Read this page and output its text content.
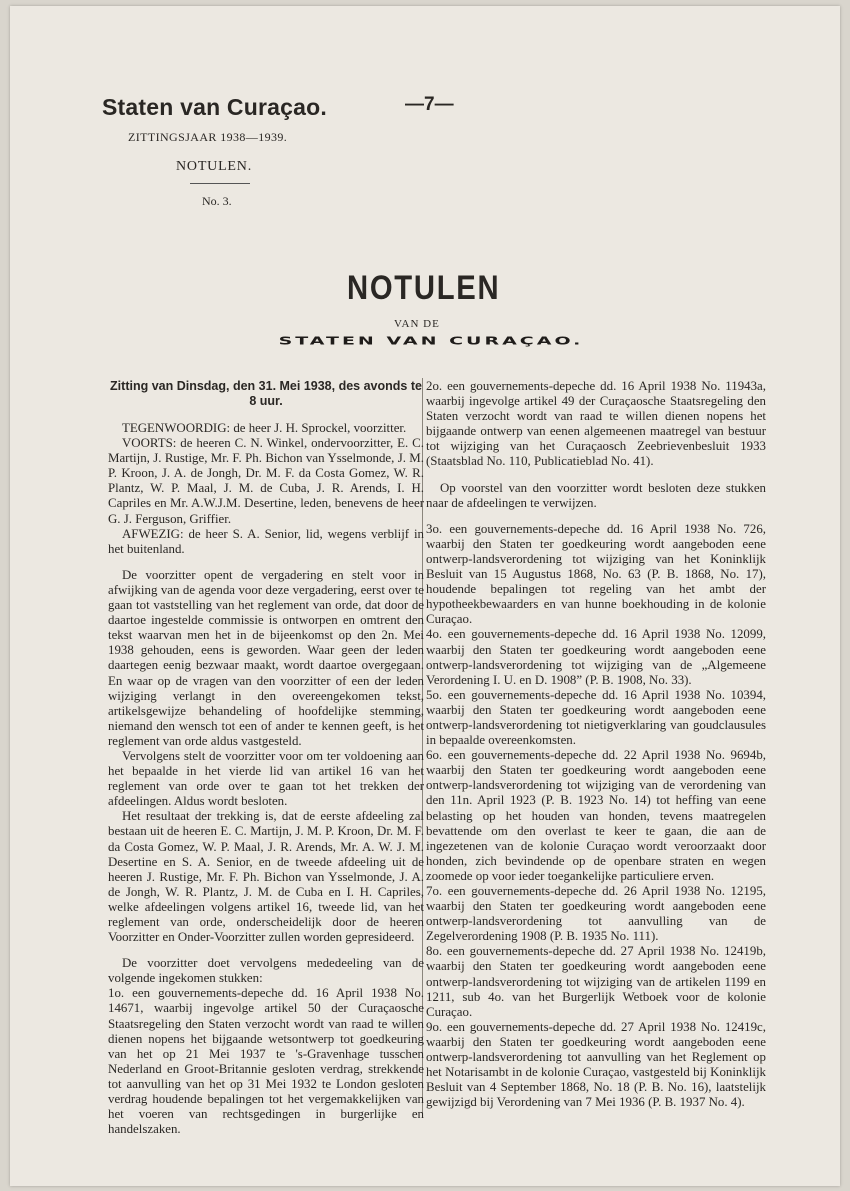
Staten van Curaçao.	—7—
ZITTINGSJAAR 1938—1939.
NOTULEN.
No. 3.
NOTULEN
VAN DE
STATEN VAN CURAÇAO.
Zitting van Dinsdag, den 31. Mei 1938, des avonds te 8 uur.

TEGENWOORDIG: de heer J. H. Sprockel, voorzitter.

VOORTS: de heeren C. N. Winkel, ondervoorzitter, E. C. Martijn, J. Rustige, Mr. F. Ph. Bichon van Ysselmonde, J. M. P. Kroon, J. A. de Jongh, Dr. M. F. da Costa Gomez, W. R. Plantz, W. P. Maal, J. M. de Cuba, J. R. Arends, I. H. Capriles en Mr. A.W.J.M. Desertine, leden, benevens de heer G. J. Ferguson, Griffier.

AFWEZIG: de heer S. A. Senior, lid, wegens verblijf in het buitenland.

De voorzitter opent de vergadering en stelt voor in afwijking van de agenda voor deze vergadering, eerst over te gaan tot vaststelling van het reglement van orde, dat door de daartoe ingestelde commissie is ontworpen en omtrent den tekst waarvan men het in de bijeenkomst op den 2n. Mei 1938 gehouden, eens is geworden. Waar geen der leden daartegen eenig bezwaar maakt, wordt daartoe overgegaan. En waar op de vragen van den voorzitter of een der leden wijziging verlangt in den overeengekomen tekst, artikelsgewijze behandeling of hoofdelijke stemming, niemand den wensch tot een of ander te kennen geeft, is het reglement van orde aldus vastgesteld.

Vervolgens stelt de voorzitter voor om ter voldoening aan het bepaalde in het vierde lid van artikel 16 van het reglement van orde over te gaan tot het trekken der afdeelingen. Aldus wordt besloten.

Het resultaat der trekking is, dat de eerste afdeeling zal bestaan uit de heeren E. C. Martijn, J. M. P. Kroon, Dr. M. F. da Costa Gomez, W. P. Maal, J. R. Arends, Mr. A. W. J. M. Desertine en S. A. Senior, en de tweede afdeeling uit de heeren J. Rustige, Mr. F. Ph. Bichon van Ysselmonde, J. A. de Jongh, W. R. Plantz, J. M. de Cuba en I. H. Capriles, welke afdeelingen volgens artikel 16, tweede lid, van het reglement van orde, onderscheidelijk door de heeren Voorzitter en Onder-Voorzitter zullen worden gepresideerd.

De voorzitter doet vervolgens mededeeling van de volgende ingekomen stukken:

1o. een gouvernements-depeche dd. 16 April 1938 No. 14671, waarbij ingevolge artikel 50 der Curaçaosche Staatsregeling den Staten verzocht wordt van raad te willen dienen nopens het bijgaande wetsontwerp tot goedkeuring van het op 21 Mei 1937 te 's-Gravenhage tusschen Nederland en Groot-Britannie gesloten verdrag, strekkende tot aanvulling van het op 31 Mei 1932 te London gesloten verdrag houdende bepalingen tot het vergemakkelijken van het voeren van rechtsgedingen in burgerlijke en handelszaken.

2o. een gouvernements-depeche dd. 16 April 1938 No. 11943a, waarbij ingevolge artikel 49 der Curaçaosche Staatsregeling den Staten verzocht wordt van raad te willen dienen nopens het bijgaande ontwerp van eenen algemeenen maatregel van bestuur tot wijziging van het Curaçaosch Zeebrievenbesluit 1933 (Staatsblad No. 110, Publicatieblad No. 41).

Op voorstel van den voorzitter wordt besloten deze stukken naar de afdeelingen te verwijzen.

3o. een gouvernements-depeche dd. 16 April 1938 No. 726, waarbij den Staten ter goedkeuring wordt aangeboden eene ontwerp-landsverordening tot wijziging van het Koninklijk Besluit van 15 Augustus 1868, No. 63 (P. B. 1868, No. 17), houdende bepalingen tot regeling van het ambt der hypotheekbewaarders en van hunne boekhouding in de kolonie Curaçao.

4o. een gouvernements-depeche dd. 16 April 1938 No. 12099, waarbij den Staten ter goedkeuring wordt aangeboden eene ontwerp-landsverordening tot wijziging van de „Algemeene Verordening I. U. en D. 1908” (P. B. 1908, No. 33).

5o. een gouvernements-depeche dd. 16 April 1938 No. 10394, waarbij den Staten ter goedkeuring wordt aangeboden eene ontwerp-landsverordening tot nietigverklaring van goudclausules in bepaalde overeenkomsten.

6o. een gouvernements-depeche dd. 22 April 1938 No. 9694b, waarbij den Staten ter goedkeuring wordt aangeboden eene ontwerp-landsverordening tot wijziging van de verordening van den 11n. April 1923 (P. B. 1923 No. 14) tot heffing van eene belasting op het houden van honden, tevens maatregelen bevattende om den overlast te keer te gaan, die aan de ingezetenen van de kolonie Curaçao wordt veroorzaakt door honden, zich bevindende op de openbare straten en wegen zoomede op voor ieder toegankelijke particuliere erven.

7o. een gouvernements-depeche dd. 26 April 1938 No. 12195, waarbij den Staten ter goedkeuring wordt aangeboden eene ontwerp-landsverordening tot aanvulling van de Zegelverordening 1908 (P. B. 1935 No. 111).

8o. een gouvernements-depeche dd. 27 April 1938 No. 12419b, waarbij den Staten ter goedkeuring wordt aangeboden eene ontwerp-landsverordening tot wijziging van de artikelen 1199 en 1211, sub 4o. van het Burgerlijk Wetboek voor de kolonie Curaçao.

9o. een gouvernements-depeche dd. 27 April 1938 No. 12419c, waarbij den Staten ter goedkeuring wordt aangeboden eene ontwerp-landsverordening tot aanvulling van het Reglement op het Notarisambt in de kolonie Curaçao, vastgesteld bij Koninklijk Besluit van 4 September 1868, No. 18 (P. B. No. 16), laatstelijk gewijzigd bij Verordening van 7 Mei 1936 (P. B. 1937 No. 4).
